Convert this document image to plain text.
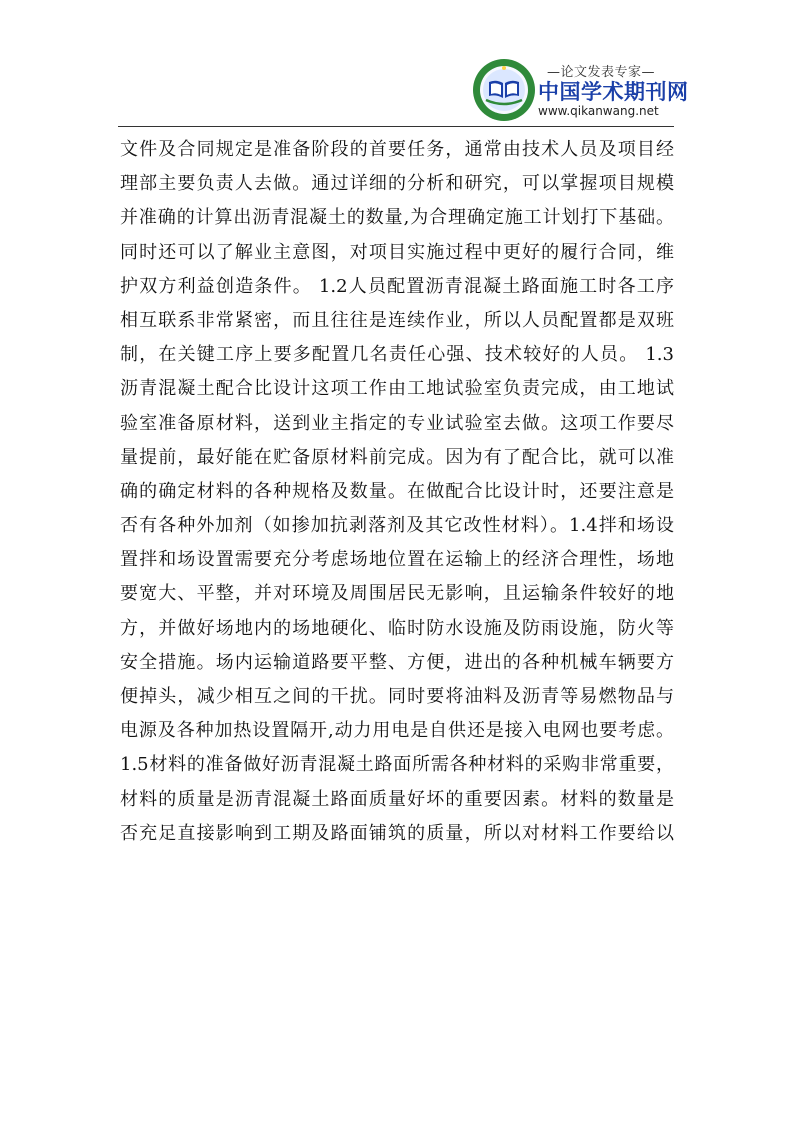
—论文发表专家—
中国学术期刊网
www.qikanwang.net
文件及合同规定是准备阶段的首要任务，通常由技术人员及项目经
理部主要负责人去做。通过详细的分析和研究，可以掌握项目规模
并准确的计算出沥青混凝土的数量,为合理确定施工计划打下基础。
同时还可以了解业主意图，对项目实施过程中更好的履行合同，维
护双方利益创造条件。 1.2人员配置沥青混凝土路面施工时各工序
相互联系非常紧密，而且往往是连续作业，所以人员配置都是双班
制，在关键工序上要多配置几名责任心强、技术较好的人员。 1.3
沥青混凝土配合比设计这项工作由工地试验室负责完成，由工地试
验室准备原材料，送到业主指定的专业试验室去做。这项工作要尽
量提前，最好能在贮备原材料前完成。因为有了配合比，就可以准
确的确定材料的各种规格及数量。在做配合比设计时，还要注意是
否有各种外加剂（如掺加抗剥落剂及其它改性材料）。1.4拌和场设
置拌和场设置需要充分考虑场地位置在运输上的经济合理性，场地
要宽大、平整，并对环境及周围居民无影响，且运输条件较好的地
方，并做好场地内的场地硬化、临时防水设施及防雨设施，防火等
安全措施。场内运输道路要平整、方便，进出的各种机械车辆要方
便掉头，减少相互之间的干扰。同时要将油料及沥青等易燃物品与
电源及各种加热设置隔开,动力用电是自供还是接入电网也要考虑。
1.5材料的准备做好沥青混凝土路面所需各种材料的采购非常重要，
材料的质量是沥青混凝土路面质量好坏的重要因素。材料的数量是
否充足直接影响到工期及路面铺筑的质量，所以对材料工作要给以
